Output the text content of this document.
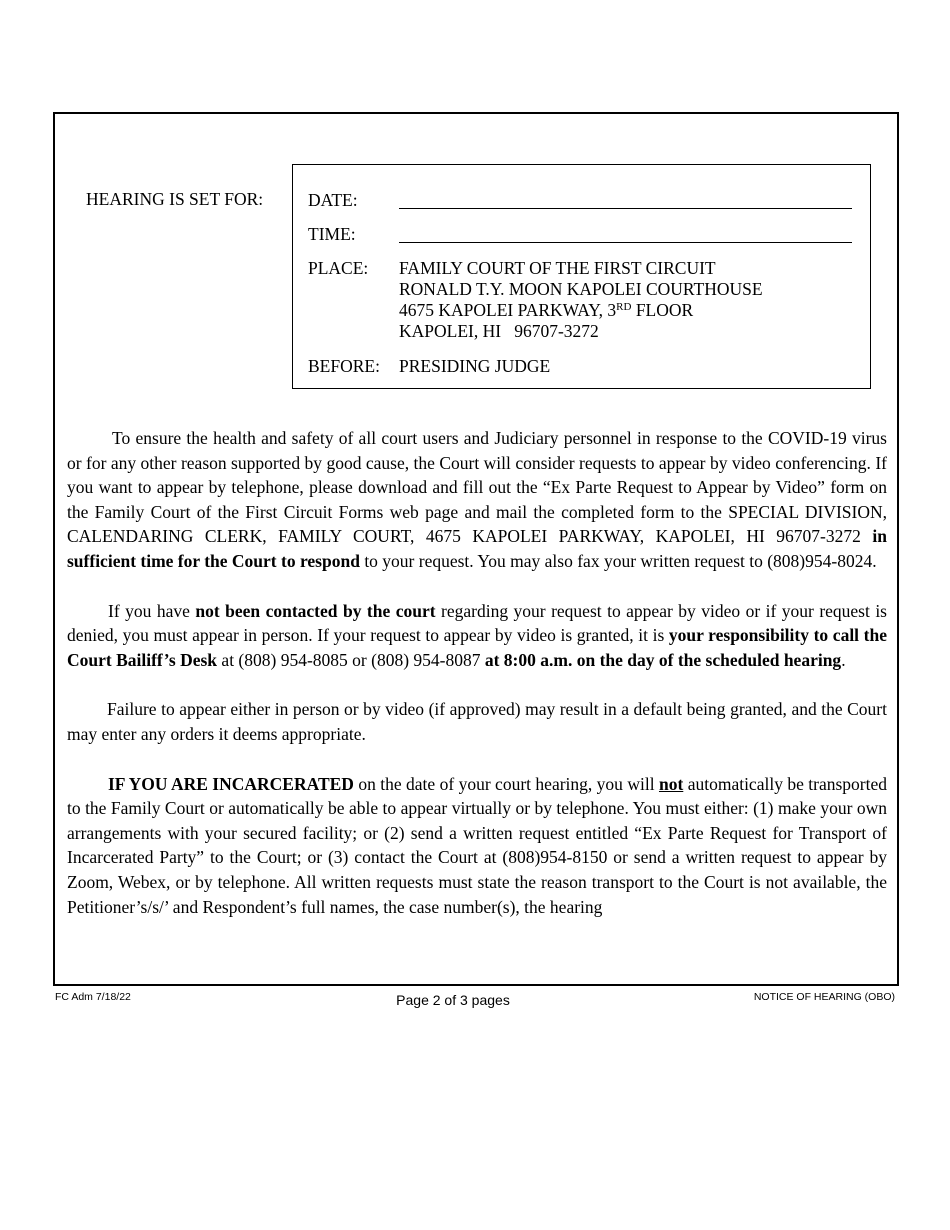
HEARING IS SET FOR:	DATE:
TIME:
PLACE: FAMILY COURT OF THE FIRST CIRCUIT
RONALD T.Y. MOON KAPOLEI COURTHOUSE
4675 KAPOLEI PARKWAY, 3RD FLOOR
KAPOLEI, HI   96707-3272
BEFORE: PRESIDING JUDGE

To ensure the health and safety of all court users and Judiciary personnel in response to the COVID-19 virus or for any other reason supported by good cause, the Court will consider requests to appear by video conferencing. If you want to appear by telephone, please download and fill out the “Ex Parte Request to Appear by Video” form on the Family Court of the First Circuit Forms web page and mail the completed form to the SPECIAL DIVISION, CALENDARING CLERK, FAMILY COURT, 4675 KAPOLEI PARKWAY, KAPOLEI, HI 96707-3272 in sufficient time for the Court to respond to your request. You may also fax your written request to (808)954-8024.

If you have not been contacted by the court regarding your request to appear by video or if your request is denied, you must appear in person. If your request to appear by video is granted, it is your responsibility to call the Court Bailiff’s Desk at (808) 954-8085 or (808) 954-8087 at 8:00 a.m. on the day of the scheduled hearing.

Failure to appear either in person or by video (if approved) may result in a default being granted, and the Court may enter any orders it deems appropriate.

IF YOU ARE INCARCERATED on the date of your court hearing, you will not automatically be transported to the Family Court or automatically be able to appear virtually or by telephone. You must either: (1) make your own arrangements with your secured facility; or (2) send a written request entitled “Ex Parte Request for Transport of Incarcerated Party” to the Court; or (3) contact the Court at (808)954-8150 or send a written request to appear by Zoom, Webex, or by telephone. All written requests must state the reason transport to the Court is not available, the Petitioner’s/s/’ and Respondent’s full names, the case number(s), the hearing

FC Adm 7/18/22	Page 2 of 3 pages	NOTICE OF HEARING (OBO)
